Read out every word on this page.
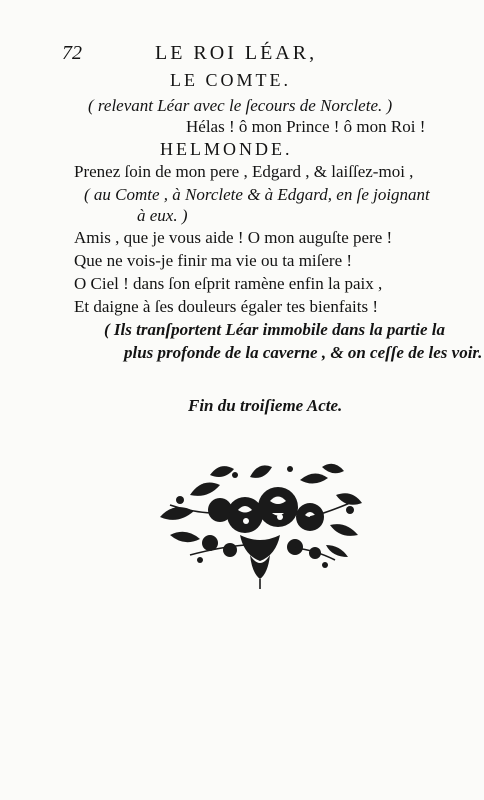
72	LE ROI LÉAR,
LE COMTE.
( relevant Léar avec le ſecours de Norclete. )
Hélas ! ô mon Prince ! ô mon Roi !
HELMONDE.
Prenez ſoin de mon pere , Edgard , & laiſſez-moi ,
( au Comte , à Norclete & à Edgard, en ſe joignant
à eux. )
Amis , que je vous aide ! O mon auguſte pere !
Que ne vois-je finir ma vie ou ta miſere !
O Ciel ! dans ſon eſprit ramène enfin la paix ,
Et daigne à ſes douleurs égaler tes bienfaits !
( Ils tranſportent Léar immobile dans la partie la
plus profonde de la caverne , & on ceſſe de les voir.
Fin du troiſieme Acte.
